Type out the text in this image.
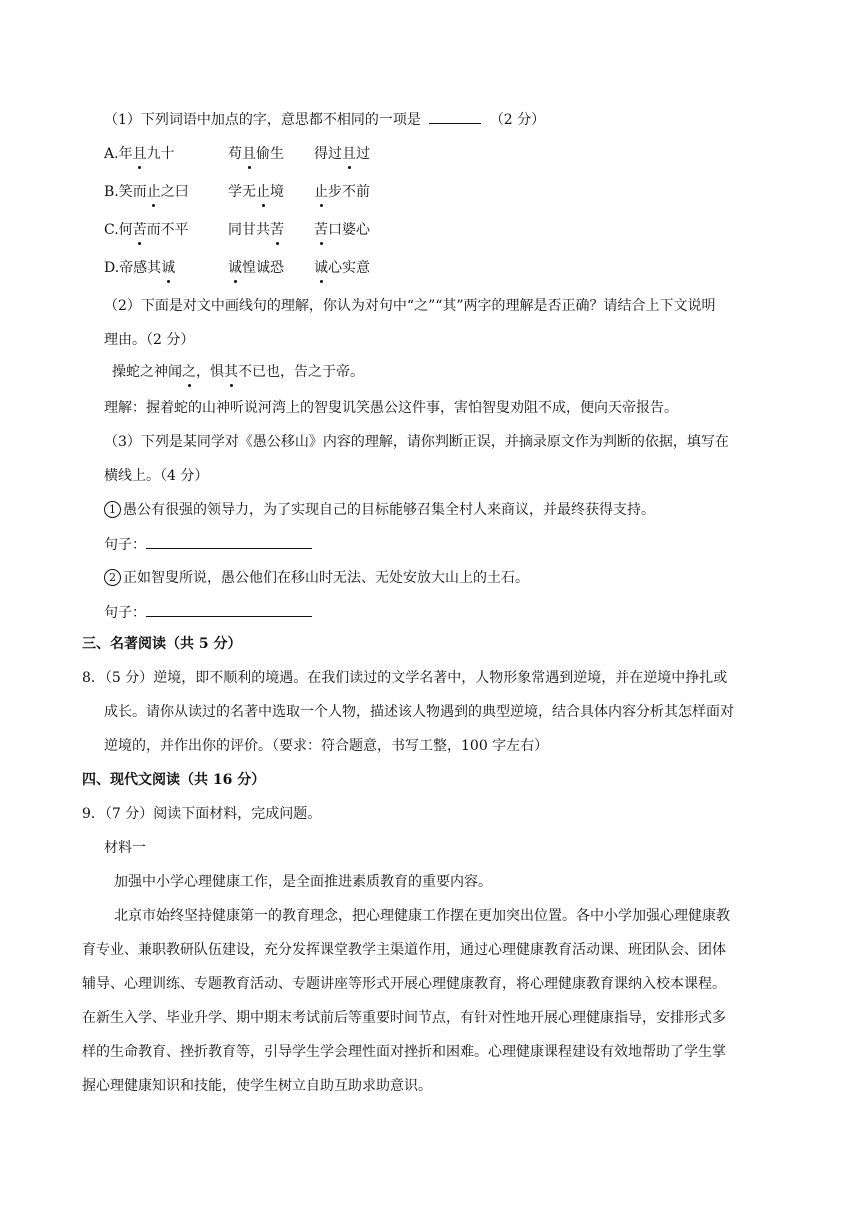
（1）下列词语中加点的字，意思都不相同的一项是	（2 分）
A.年且九十	苟且偷生 得过且过
B.笑而止之曰	学无止境 止步不前
C.何苦而不平	同甘共苦 苦口婆心
D.帝感其诚	诚惶诚恐 诚心实意
（2）下面是对文中画线句的理解，你认为对句中“之”“其”两字的理解是否正确？请结合上下文说明
理由。（2 分）
操蛇之神闻之，惧其不已也，告之于帝。
理解：握着蛇的山神听说河湾上的智叟讥笑愚公这件事，害怕智叟劝阻不成，便向天帝报告。
（3）下列是某同学对《愚公移山》内容的理解，请你判断正误，并摘录原文作为判断的依据，填写在
横线上。（4 分）
1 愚公有很强的领导力，为了实现自己的目标能够召集全村人来商议，并最终获得支持。
句子：
2 正如智叟所说，愚公他们在移山时无法、无处安放大山上的土石。
句子：
三、名著阅读（共 5 分）
8．（5 分）逆境，即不顺利的境遇。在我们读过的文学名著中，人物形象常遇到逆境，并在逆境中挣扎或
成长。请你从读过的名著中选取一个人物，描述该人物遇到的典型逆境，结合具体内容分析其怎样面对
逆境的，并作出你的评价。（要求：符合题意，书写工整，100 字左右）
四、现代文阅读（共 16 分）
9．（7 分）阅读下面材料，完成问题。
材料一
加强中小学心理健康工作，是全面推进素质教育的重要内容。
北京市始终坚持健康第一的教育理念，把心理健康工作摆在更加突出位置。各中小学加强心理健康教
育专业、兼职教研队伍建设，充分发挥课堂教学主渠道作用，通过心理健康教育活动课、班团队会、团体
辅导、心理训练、专题教育活动、专题讲座等形式开展心理健康教育，将心理健康教育课纳入校本课程。
在新生入学、毕业升学、期中期末考试前后等重要时间节点，有针对性地开展心理健康指导，安排形式多
样的生命教育、挫折教育等，引导学生学会理性面对挫折和困难。心理健康课程建设有效地帮助了学生掌
握心理健康知识和技能，使学生树立自助互助求助意识。
